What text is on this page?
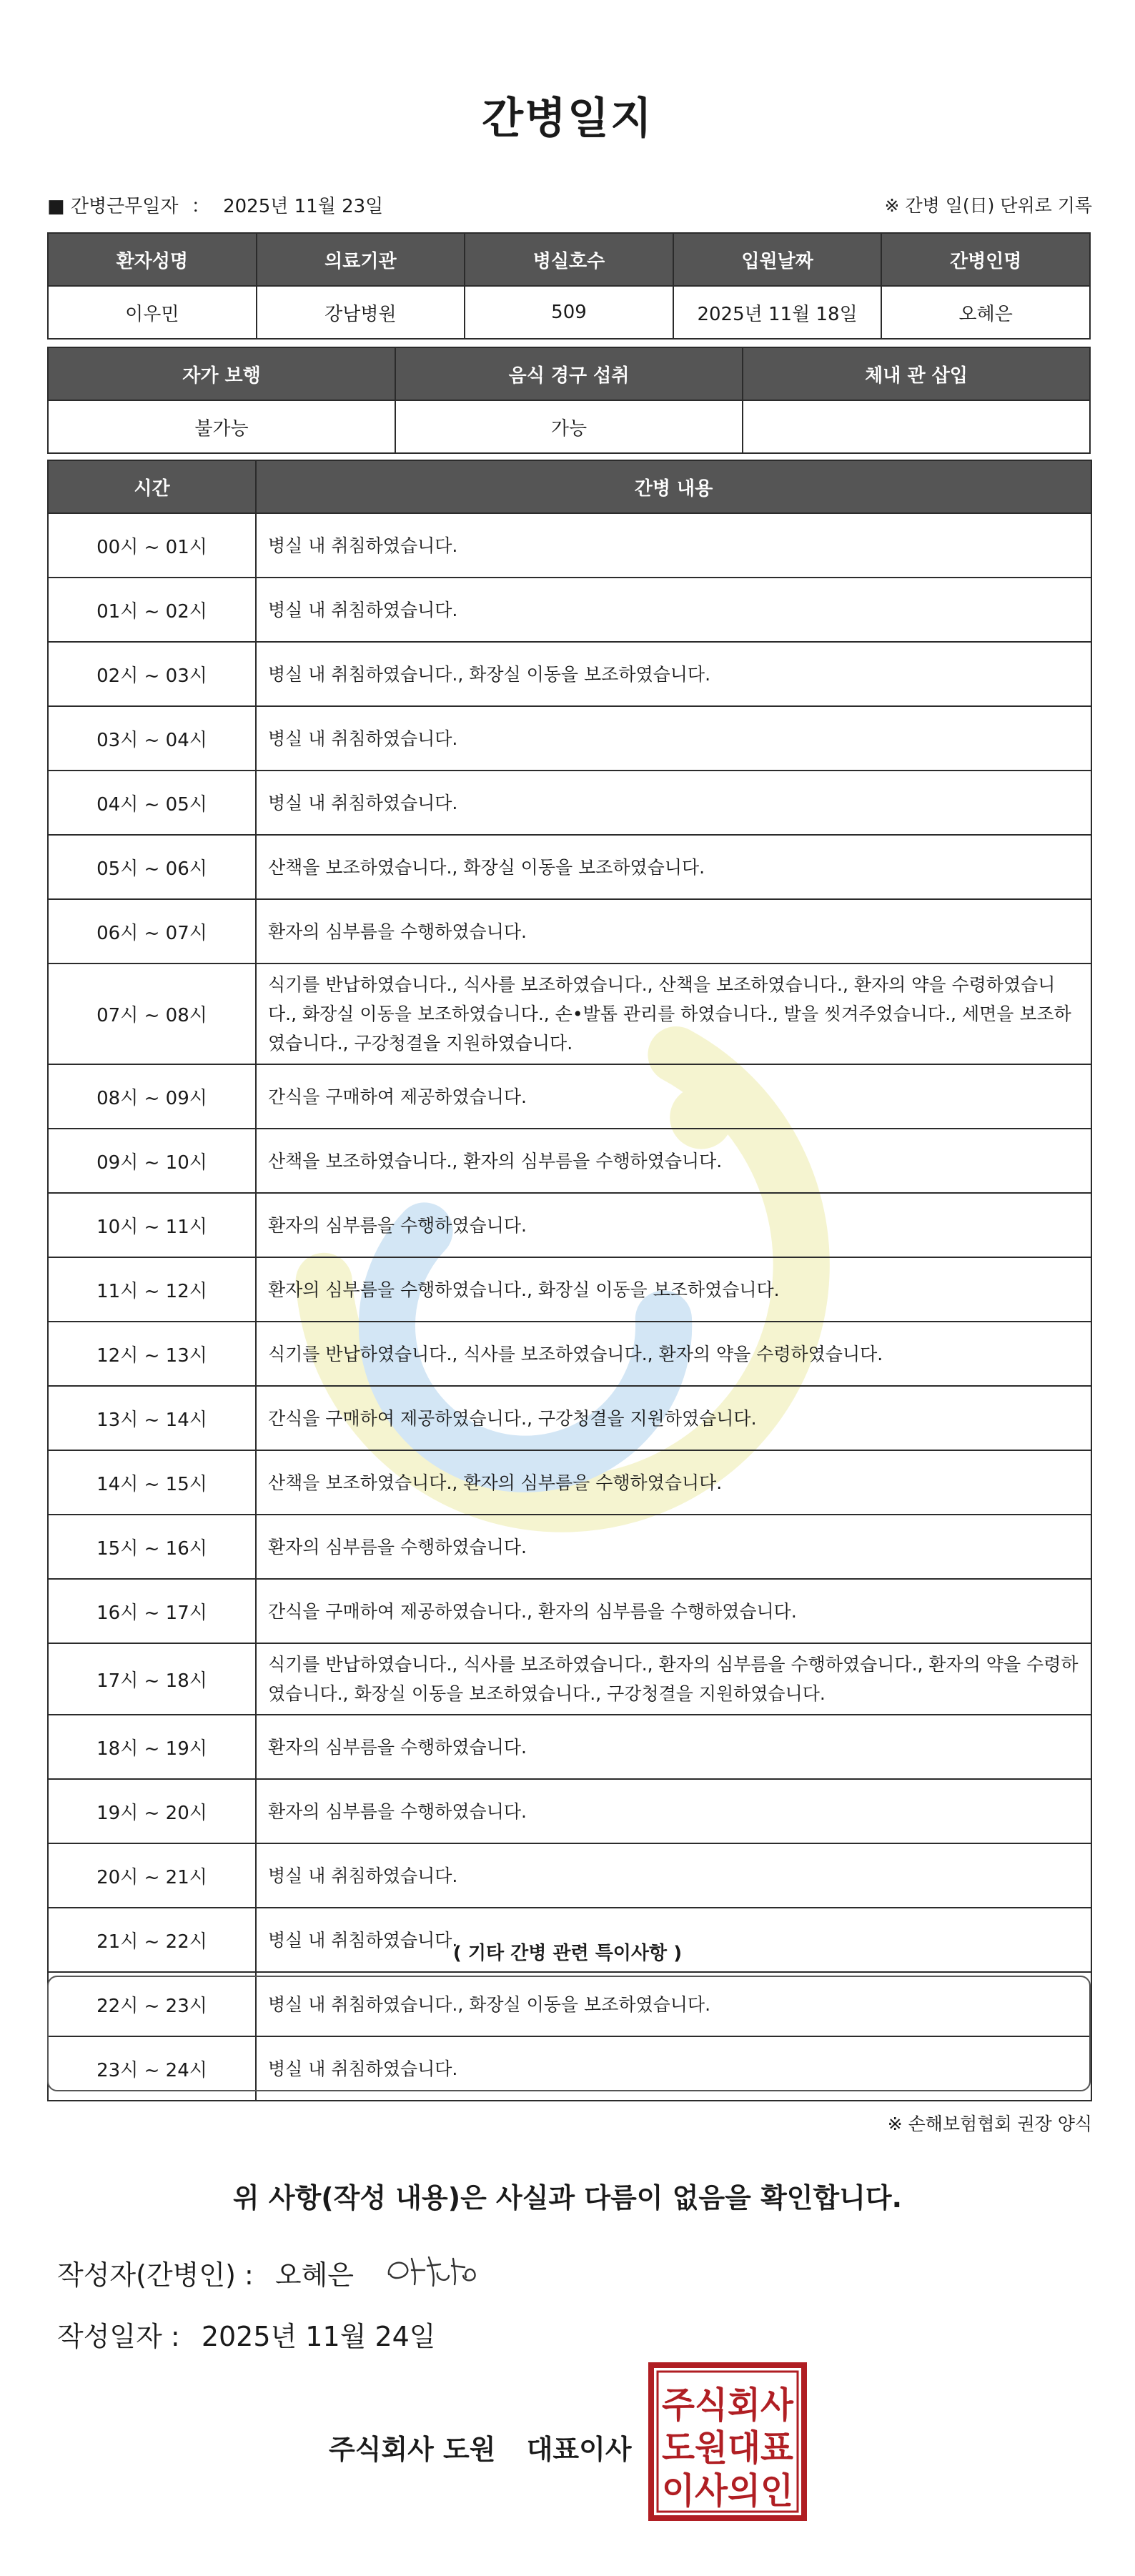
간병일지
■ 간병근무일자 ： 2025년 11월 23일	※ 간병 일(日) 단위로 기록
환자성명	의료기관	병실호수	입원날짜	간병인명
이우민	강남병원	509	2025년 11월 18일	오혜은
자가 보행	음식 경구 섭취	체내 관 삽입
불가능	가능	
시간	간병 내용
00시 ~ 01시	병실 내 취침하였습니다.
01시 ~ 02시	병실 내 취침하였습니다.
02시 ~ 03시	병실 내 취침하였습니다., 화장실 이동을 보조하였습니다.
03시 ~ 04시	병실 내 취침하였습니다.
04시 ~ 05시	병실 내 취침하였습니다.
05시 ~ 06시	산책을 보조하였습니다., 화장실 이동을 보조하였습니다.
06시 ~ 07시	환자의 심부름을 수행하였습니다.
07시 ~ 08시	식기를 반납하였습니다., 식사를 보조하였습니다., 산책을 보조하였습니다., 환자의 약을 수령하였습니다., 화장실 이동을 보조하였습니다., 손•발톱 관리를 하였습니다., 발을 씻겨주었습니다., 세면을 보조하였습니다., 구강청결을 지원하였습니다.
08시 ~ 09시	간식을 구매하여 제공하였습니다.
09시 ~ 10시	산책을 보조하였습니다., 환자의 심부름을 수행하였습니다.
10시 ~ 11시	환자의 심부름을 수행하였습니다.
11시 ~ 12시	환자의 심부름을 수행하였습니다., 화장실 이동을 보조하였습니다.
12시 ~ 13시	식기를 반납하였습니다., 식사를 보조하였습니다., 환자의 약을 수령하였습니다.
13시 ~ 14시	간식을 구매하여 제공하였습니다., 구강청결을 지원하였습니다.
14시 ~ 15시	산책을 보조하였습니다., 환자의 심부름을 수행하였습니다.
15시 ~ 16시	환자의 심부름을 수행하였습니다.
16시 ~ 17시	간식을 구매하여 제공하였습니다., 환자의 심부름을 수행하였습니다.
17시 ~ 18시	식기를 반납하였습니다., 식사를 보조하였습니다., 환자의 심부름을 수행하였습니다., 환자의 약을 수령하였습니다., 화장실 이동을 보조하였습니다., 구강청결을 지원하였습니다.
18시 ~ 19시	환자의 심부름을 수행하였습니다.
19시 ~ 20시	환자의 심부름을 수행하였습니다.
20시 ~ 21시	병실 내 취침하였습니다.
21시 ~ 22시	병실 내 취침하였습니다.
22시 ~ 23시	병실 내 취침하였습니다., 화장실 이동을 보조하였습니다.
23시 ~ 24시	병실 내 취침하였습니다.
( 기타 간병 관련 특이사항 )
※ 손해보험협회 권장 양식
위 사항(작성 내용)은 사실과 다름이 없음을 확인합니다.
작성자(간병인) : 오혜은
작성일자 : 2025년 11월 24일
주식회사 도원 대표이사
주식회사
도원대표
이사의인
